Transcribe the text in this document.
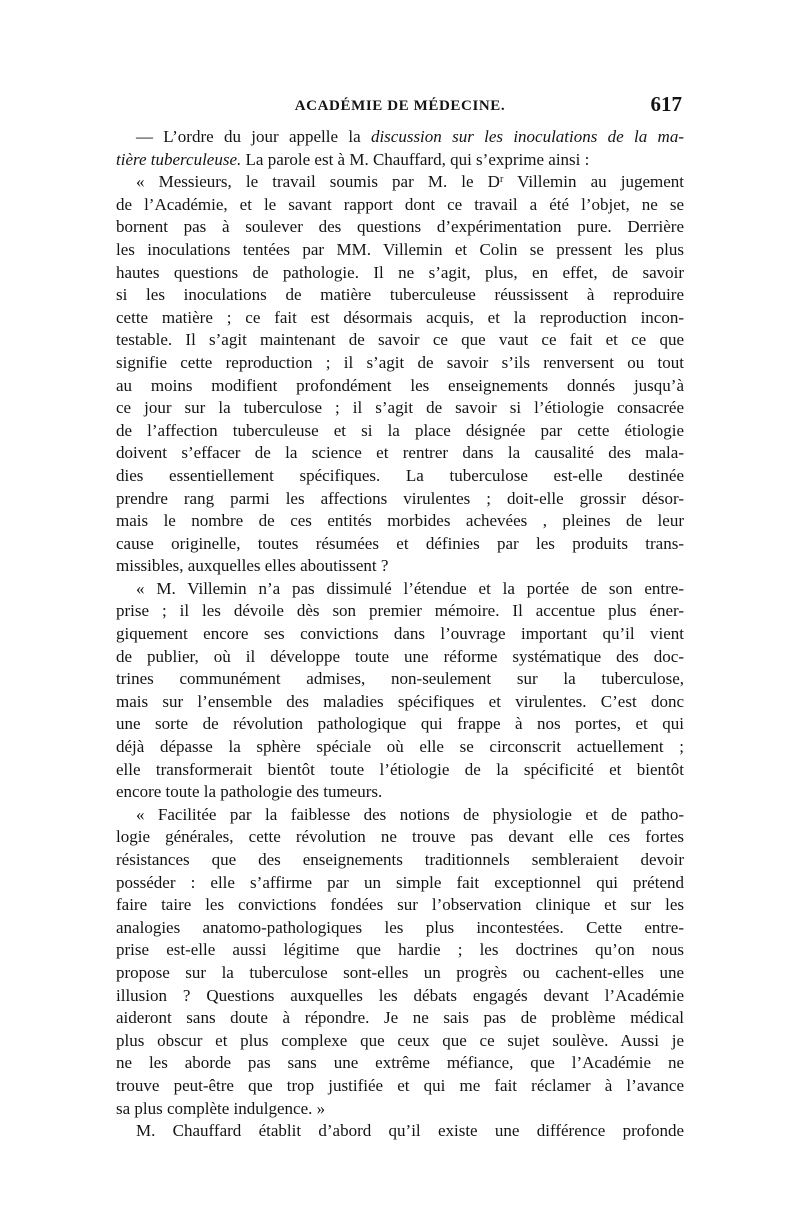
ACADÉMIE DE MÉDECINE.	617
— L’ordre du jour appelle la discussion sur les inoculations de la ma-
tière tuberculeuse. La parole est à M. Chauffard, qui s’exprime ainsi :
« Messieurs, le travail soumis par M. le $D^r$ Villemin au jugement
de l’Académie, et le savant rapport dont ce travail a été l’objet, ne se
bornent pas à soulever des questions d’expérimentation pure. Derrière
les inoculations tentées par MM. Villemin et Colin se pressent les plus
hautes questions de pathologie. Il ne s’agit, plus, en effet, de savoir
si les inoculations de matière tuberculeuse réussissent à reproduire
cette matière ; ce fait est désormais acquis, et la reproduction incon-
testable. Il s’agit maintenant de savoir ce que vaut ce fait et ce que
signifie cette reproduction ; il s’agit de savoir s’ils renversent ou tout
au moins modifient profondément les enseignements donnés jusqu’à
ce jour sur la tuberculose ; il s’agit de savoir si l’étiologie consacrée
de l’affection tuberculeuse et si la place désignée par cette étiologie
doivent s’effacer de la science et rentrer dans la causalité des mala-
dies essentiellement spécifiques. La tuberculose est-elle destinée
prendre rang parmi les affections virulentes ; doit-elle grossir désor-
mais le nombre de ces entités morbides achevées , pleines de leur
cause originelle, toutes résumées et définies par les produits trans-
missibles, auxquelles elles aboutissent ?
« M. Villemin n’a pas dissimulé l’étendue et la portée de son entre-
prise ; il les dévoile dès son premier mémoire. Il accentue plus éner-
giquement encore ses convictions dans l’ouvrage important qu’il vient
de publier, où il développe toute une réforme systématique des doc-
trines communément admises, non-seulement sur la tuberculose,
mais sur l’ensemble des maladies spécifiques et virulentes. C’est donc
une sorte de révolution pathologique qui frappe à nos portes, et qui
déjà dépasse la sphère spéciale où elle se circonscrit actuellement ;
elle transformerait bientôt toute l’étiologie de la spécificité et bientôt
encore toute la pathologie des tumeurs.
« Facilitée par la faiblesse des notions de physiologie et de patho-
logie générales, cette révolution ne trouve pas devant elle ces fortes
résistances que des enseignements traditionnels sembleraient devoir
posséder : elle s’affirme par un simple fait exceptionnel qui prétend
faire taire les convictions fondées sur l’observation clinique et sur les
analogies anatomo-pathologiques les plus incontestées. Cette entre-
prise est-elle aussi légitime que hardie ; les doctrines qu’on nous
propose sur la tuberculose sont-elles un progrès ou cachent-elles une
illusion ? Questions auxquelles les débats engagés devant l’Académie
aideront sans doute à répondre. Je ne sais pas de problème médical
plus obscur et plus complexe que ceux que ce sujet soulève. Aussi je
ne les aborde pas sans une extrême méfiance, que l’Académie ne
trouve peut-être que trop justifiée et qui me fait réclamer à l’avance
sa plus complète indulgence. »
M. Chauffard établit d’abord qu’il existe une différence profonde
